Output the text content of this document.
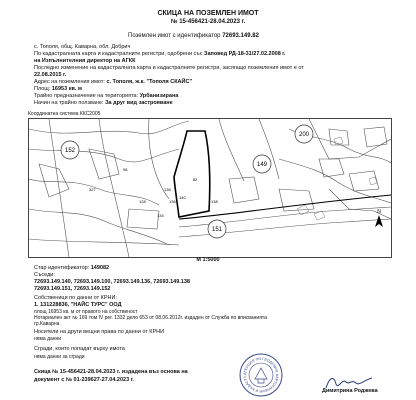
СКИЦА НА ПОЗЕМЛЕН ИМОТ
№ 15-456421-28.04.2023 г.
Поземлен имот с идентификатор 72693.149.82
с. Тополя, общ. Каварна, обл. Добрич
По кадастралната карта и кадастралните регистри, одобрени със Заповед РД-18-31/27.02.2008 г.
на Изпълнителния директор на АГКК
Последно изменение на кадастралната карта и кадастралните регистри, засягащо поземления имот е от
22.08.2015 г.
Адрес на поземления имот: с. Тополя, ж.к. "Тополя СКАЙС"
Площ: 16953 кв. м
Трайно предназначение на територията: Урбанизирана
Начин на трайно ползване: За друг вид застрояване
Координатна система ККС2005
152
149
151
200
82
327
128
134
136
136
138
140
98
N
М 1:5000
Стар идентификатор: 149082
Съседи:
72693.149.140, 72693.149.100, 72693.149.136, 72693.149.138
72693.149.151, 72693.149.152
Собственици по данни от КРНИ:
1. 131228836, "НАЙС ТУРС" ООД
площ 16953 кв. м от правото на собственост
Нотариален акт № 169 том IV рег. 1332 дело 653 от 08.06.2012г. издаден от Служба по вписванията
гр.Каварна
Носители на други вещни права по данни от КРНИ
няма данни
Сгради, които попадат върху имота
няма данни за сгради
Скица № 15-456421-28.04.2023 г. издадена въз основа на
документ с № 01-239627-27.04.2023 г.
АГЕНЦИЯ ПО ГЕОДЕЗИЯ, КАРТОГРАФИЯ И КАДАСТЪ
Димитрина Роджева
